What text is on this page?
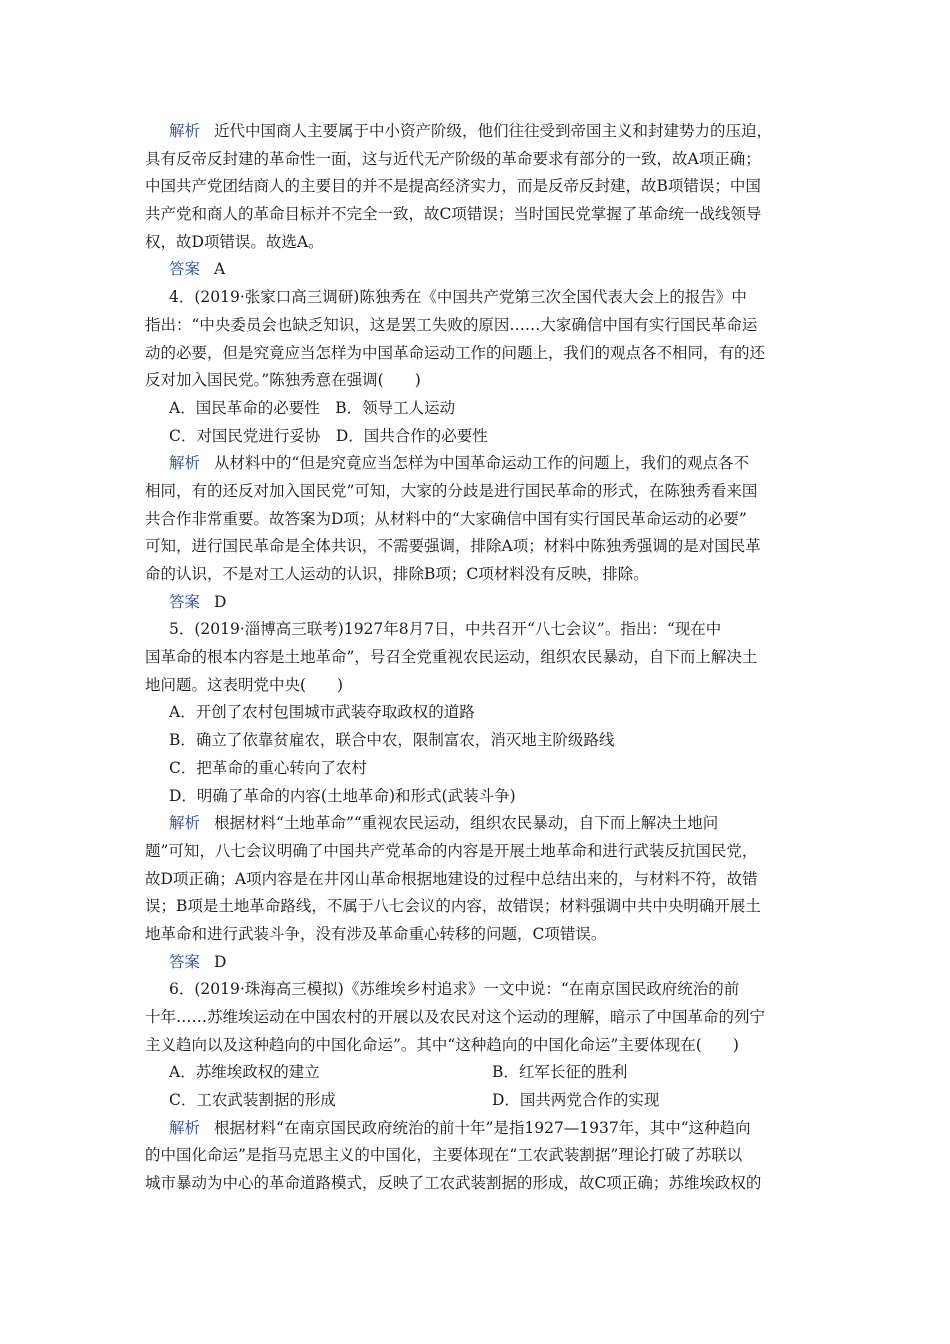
解析 近代中国商人主要属于中小资产阶级，他们往往受到帝国主义和封建势力的压迫，
具有反帝反封建的革命性一面，这与近代无产阶级的革命要求有部分的一致，故A项正确；
中国共产党团结商人的主要目的并不是提高经济实力，而是反帝反封建，故B项错误；中国
共产党和商人的革命目标并不完全一致，故C项错误；当时国民党掌握了革命统一战线领导
权，故D项错误。故选A。
答案 A
4．(2019·张家口高三调研)陈独秀在《中国共产党第三次全国代表大会上的报告》中
指出：“中央委员会也缺乏知识，这是罢工失败的原因……大家确信中国有实行国民革命运
动的必要，但是究竟应当怎样为中国革命运动工作的问题上，我们的观点各不相同，有的还
反对加入国民党。”陈独秀意在强调(　　)
A．国民革命的必要性　B．领导工人运动
C．对国民党进行妥协　D．国共合作的必要性
解析 从材料中的“但是究竟应当怎样为中国革命运动工作的问题上，我们的观点各不
相同，有的还反对加入国民党”可知，大家的分歧是进行国民革命的形式，在陈独秀看来国
共合作非常重要。故答案为D项；从材料中的“大家确信中国有实行国民革命运动的必要”
可知，进行国民革命是全体共识，不需要强调，排除A项；材料中陈独秀强调的是对国民革
命的认识，不是对工人运动的认识，排除B项；C项材料没有反映，排除。
答案 D
5．(2019·淄博高三联考)1927年8月7日，中共召开“八七会议”。指出：“现在中
国革命的根本内容是土地革命”，号召全党重视农民运动，组织农民暴动，自下而上解决土
地问题。这表明党中央(　　)
A．开创了农村包围城市武装夺取政权的道路
B．确立了依靠贫雇农，联合中农，限制富农，消灭地主阶级路线
C．把革命的重心转向了农村
D．明确了革命的内容(土地革命)和形式(武装斗争)
解析 根据材料“土地革命”“重视农民运动，组织农民暴动，自下而上解决土地问
题”可知，八七会议明确了中国共产党革命的内容是开展土地革命和进行武装反抗国民党，
故D项正确；A项内容是在井冈山革命根据地建设的过程中总结出来的，与材料不符，故错
误；B项是土地革命路线，不属于八七会议的内容，故错误；材料强调中共中央明确开展土
地革命和进行武装斗争，没有涉及革命重心转移的问题，C项错误。
答案 D
6．(2019·珠海高三模拟)《苏维埃乡村追求》一文中说：“在南京国民政府统治的前
十年……苏维埃运动在中国农村的开展以及农民对这个运动的理解，暗示了中国革命的列宁
主义趋向以及这种趋向的中国化命运”。其中“这种趋向的中国化命运”主要体现在(　　)
A．苏维埃政权的建立	B．红军长征的胜利
C．工农武装割据的形成	D．国共两党合作的实现
解析 根据材料“在南京国民政府统治的前十年”是指1927—1937年，其中“这种趋向
的中国化命运”是指马克思主义的中国化，主要体现在“工农武装割据”理论打破了苏联以
城市暴动为中心的革命道路模式，反映了工农武装割据的形成，故C项正确；苏维埃政权的
